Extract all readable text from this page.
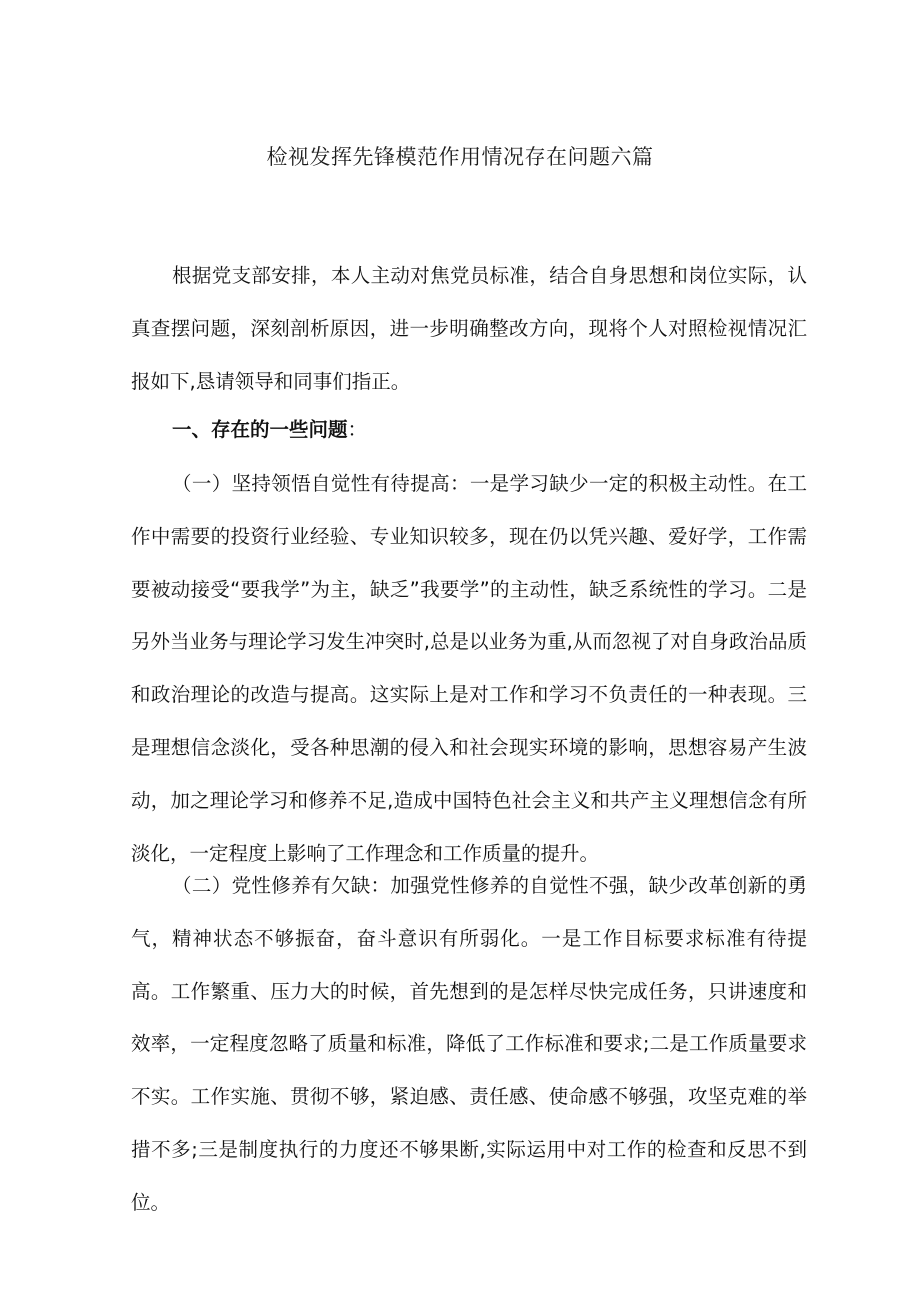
检视发挥先锋模范作用情况存在问题六篇

根据党支部安排，本人主动对焦党员标准，结合自身思想和岗位实际，认真查摆问题，深刻剖析原因，进一步明确整改方向，现将个人对照检视情况汇报如下,恳请领导和同事们指正。

一、存在的一些问题：

（一）坚持领悟自觉性有待提高：一是学习缺少一定的积极主动性。在工作中需要的投资行业经验、专业知识较多，现在仍以凭兴趣、爱好学，工作需要被动接受“要我学”为主，缺乏”我要学”的主动性，缺乏系统性的学习。二是另外当业务与理论学习发生冲突时,总是以业务为重,从而忽视了对自身政治品质和政治理论的改造与提高。这实际上是对工作和学习不负责任的一种表现。三是理想信念淡化，受各种思潮的侵入和社会现实环境的影响，思想容易产生波动，加之理论学习和修养不足,造成中国特色社会主义和共产主义理想信念有所淡化，一定程度上影响了工作理念和工作质量的提升。

（二）党性修养有欠缺：加强党性修养的自觉性不强，缺少改革创新的勇气，精神状态不够振奋，奋斗意识有所弱化。一是工作目标要求标准有待提高。工作繁重、压力大的时候，首先想到的是怎样尽快完成任务，只讲速度和效率，一定程度忽略了质量和标准，降低了工作标准和要求;二是工作质量要求不实。工作实施、贯彻不够，紧迫感、责任感、使命感不够强，攻坚克难的举措不多;三是制度执行的力度还不够果断,实际运用中对工作的检查和反思不到位。
